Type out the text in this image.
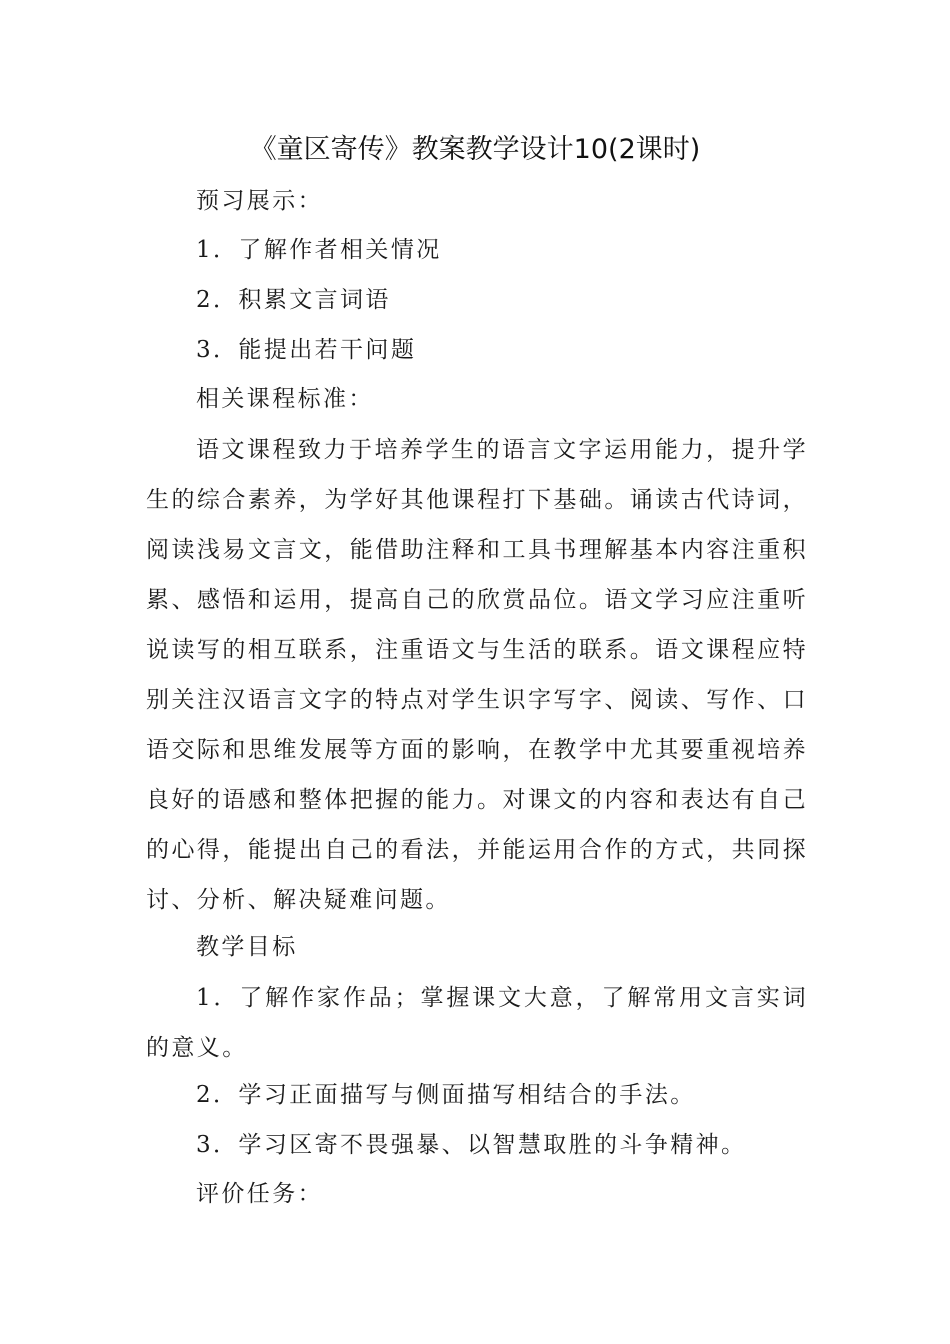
《童区寄传》教案教学设计10(2课时)
预习展示：
1．了解作者相关情况
2．积累文言词语
3．能提出若干问题
相关课程标准：
语文课程致力于培养学生的语言文字运用能力，提升学生的综合素养，为学好其他课程打下基础。诵读古代诗词，阅读浅易文言文，能借助注释和工具书理解基本内容注重积累、感悟和运用，提高自己的欣赏品位。语文学习应注重听说读写的相互联系，注重语文与生活的联系。语文课程应特别关注汉语言文字的特点对学生识字写字、阅读、写作、口语交际和思维发展等方面的影响，在教学中尤其要重视培养良好的语感和整体把握的能力。对课文的内容和表达有自己的心得，能提出自己的看法，并能运用合作的方式，共同探讨、分析、解决疑难问题。
教学目标
1．了解作家作品；掌握课文大意，了解常用文言实词的意义。
2．学习正面描写与侧面描写相结合的手法。
3．学习区寄不畏强暴、以智慧取胜的斗争精神。
评价任务：
